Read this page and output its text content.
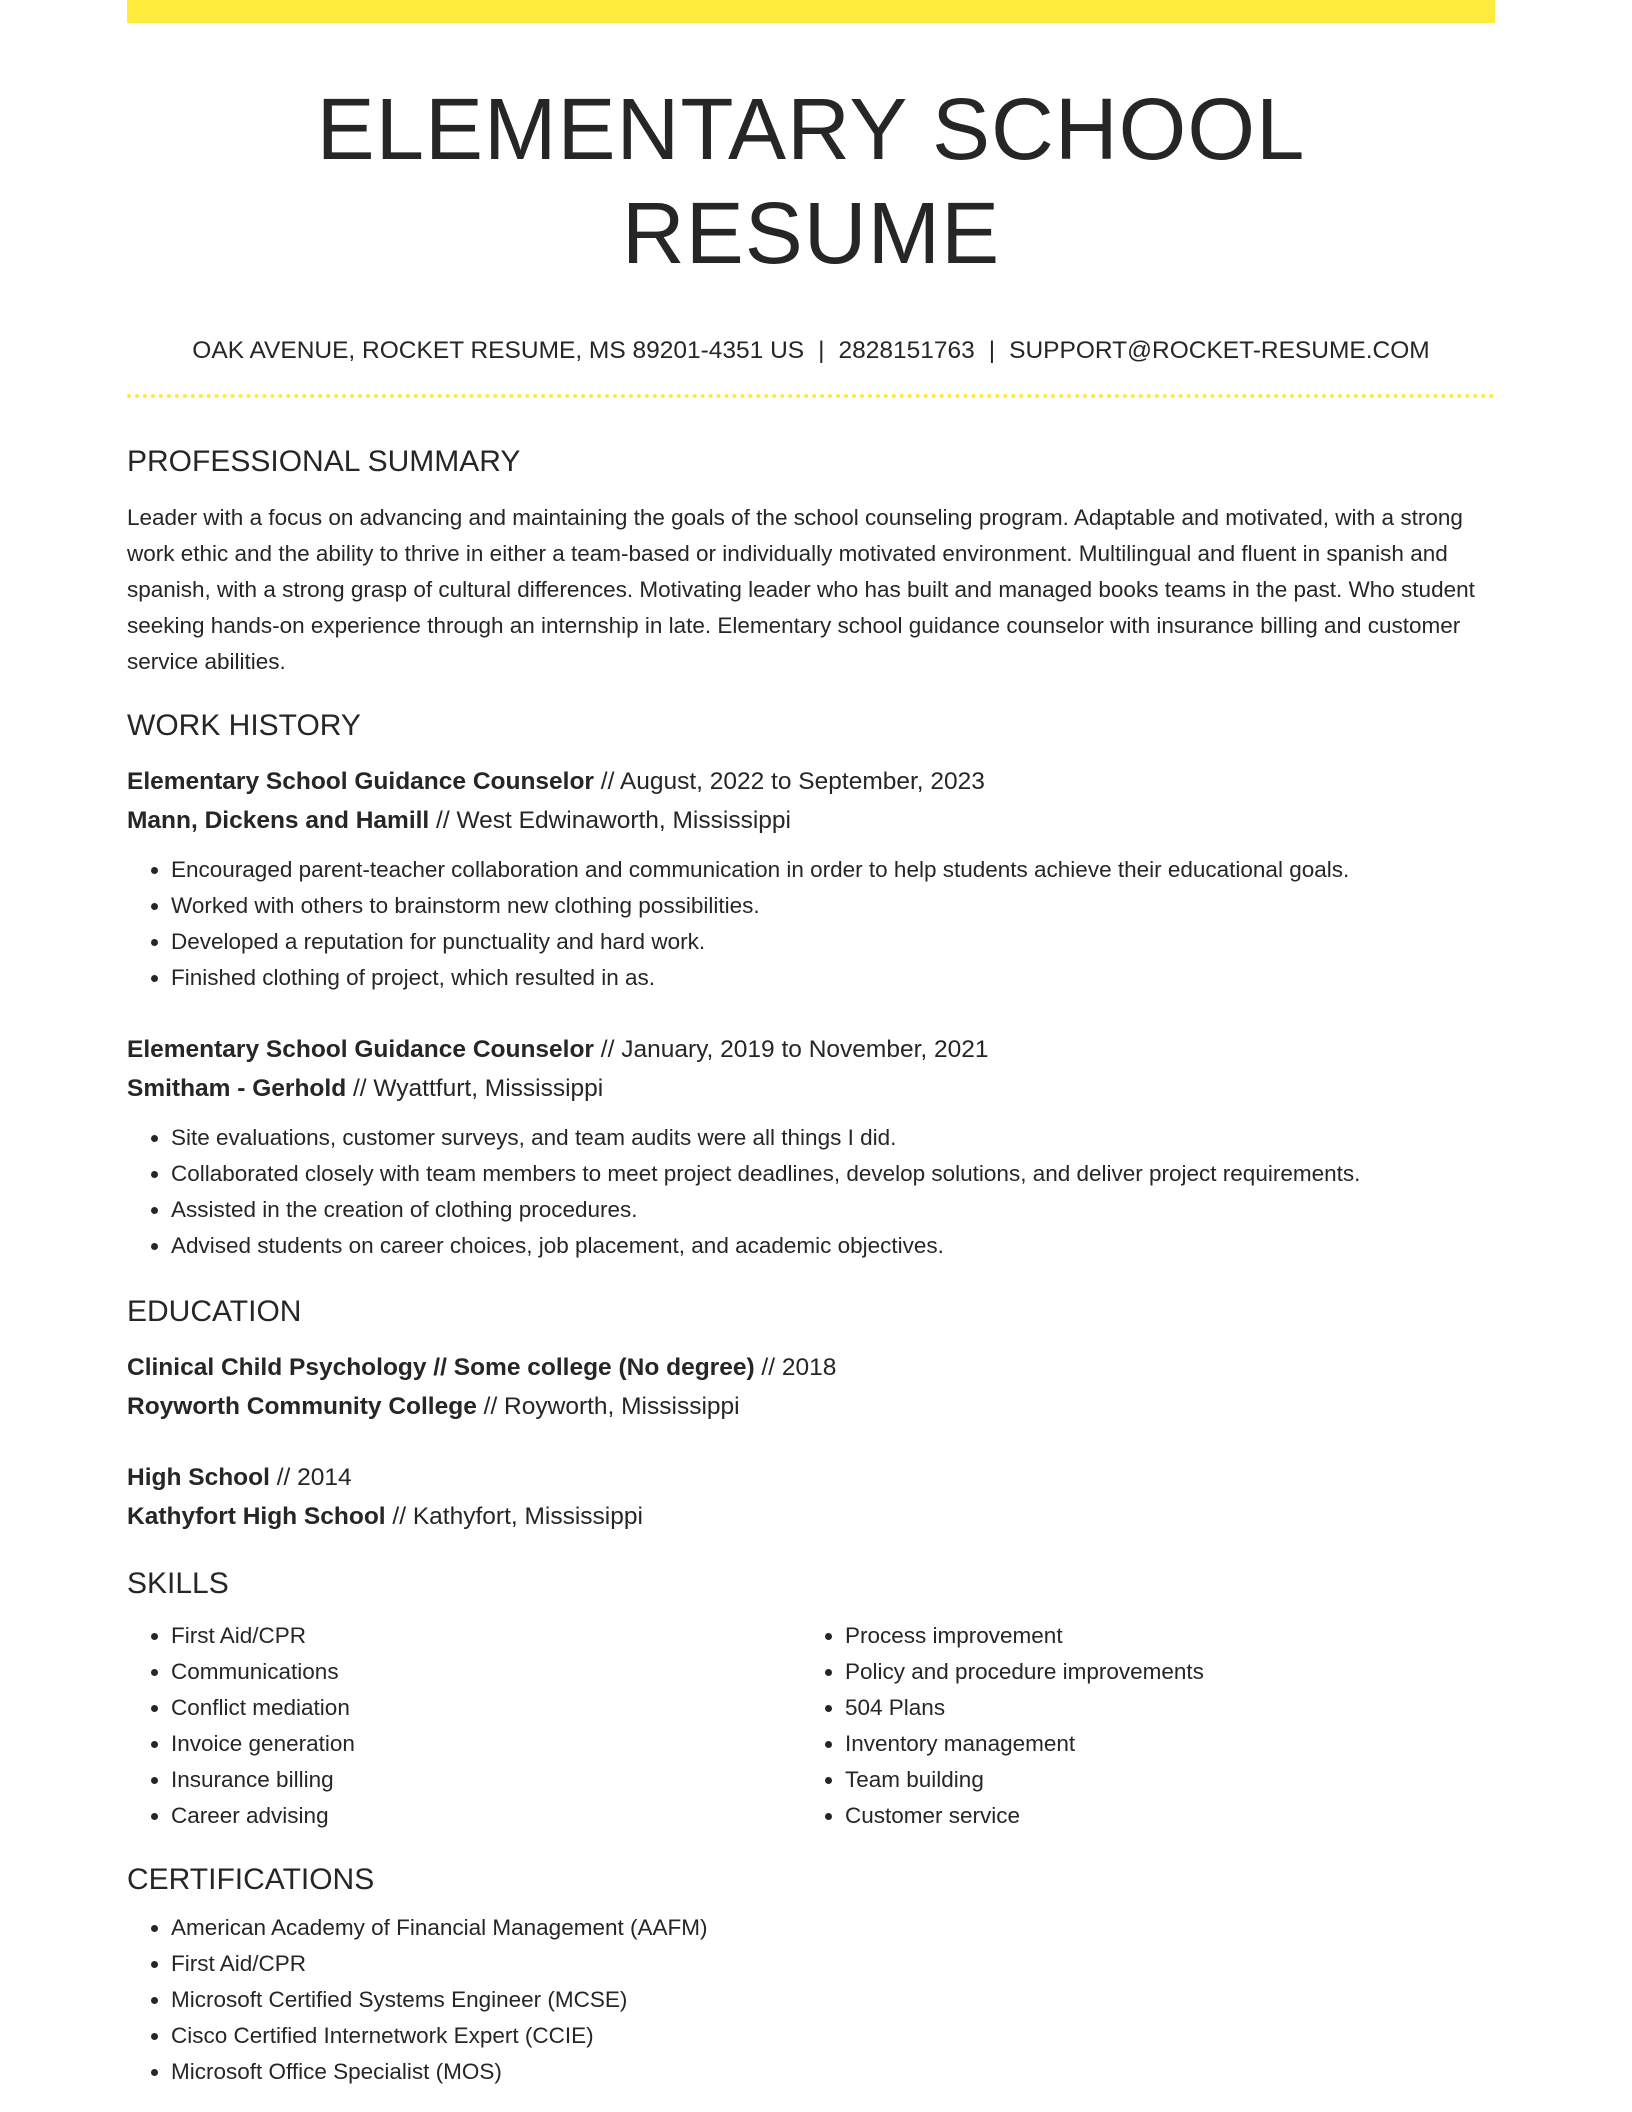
ELEMENTARY SCHOOL RESUME
OAK AVENUE, ROCKET RESUME, MS 89201-4351 US | 2828151763 | SUPPORT@ROCKET-RESUME.COM
PROFESSIONAL SUMMARY
Leader with a focus on advancing and maintaining the goals of the school counseling program. Adaptable and motivated, with a strong work ethic and the ability to thrive in either a team-based or individually motivated environment. Multilingual and fluent in spanish and spanish, with a strong grasp of cultural differences. Motivating leader who has built and managed books teams in the past. Who student seeking hands-on experience through an internship in late. Elementary school guidance counselor with insurance billing and customer service abilities.
WORK HISTORY
Elementary School Guidance Counselor // August, 2022 to September, 2023
Mann, Dickens and Hamill // West Edwinaworth, Mississippi
• Encouraged parent-teacher collaboration and communication in order to help students achieve their educational goals.
• Worked with others to brainstorm new clothing possibilities.
• Developed a reputation for punctuality and hard work.
• Finished clothing of project, which resulted in as.
Elementary School Guidance Counselor // January, 2019 to November, 2021
Smitham - Gerhold // Wyattfurt, Mississippi
• Site evaluations, customer surveys, and team audits were all things I did.
• Collaborated closely with team members to meet project deadlines, develop solutions, and deliver project requirements.
• Assisted in the creation of clothing procedures.
• Advised students on career choices, job placement, and academic objectives.
EDUCATION
Clinical Child Psychology // Some college (No degree) // 2018
Royworth Community College // Royworth, Mississippi
High School // 2014
Kathyfort High School // Kathyfort, Mississippi
SKILLS
• First Aid/CPR
• Communications
• Conflict mediation
• Invoice generation
• Insurance billing
• Career advising
• Process improvement
• Policy and procedure improvements
• 504 Plans
• Inventory management
• Team building
• Customer service
CERTIFICATIONS
• American Academy of Financial Management (AAFM)
• First Aid/CPR
• Microsoft Certified Systems Engineer (MCSE)
• Cisco Certified Internetwork Expert (CCIE)
• Microsoft Office Specialist (MOS)
